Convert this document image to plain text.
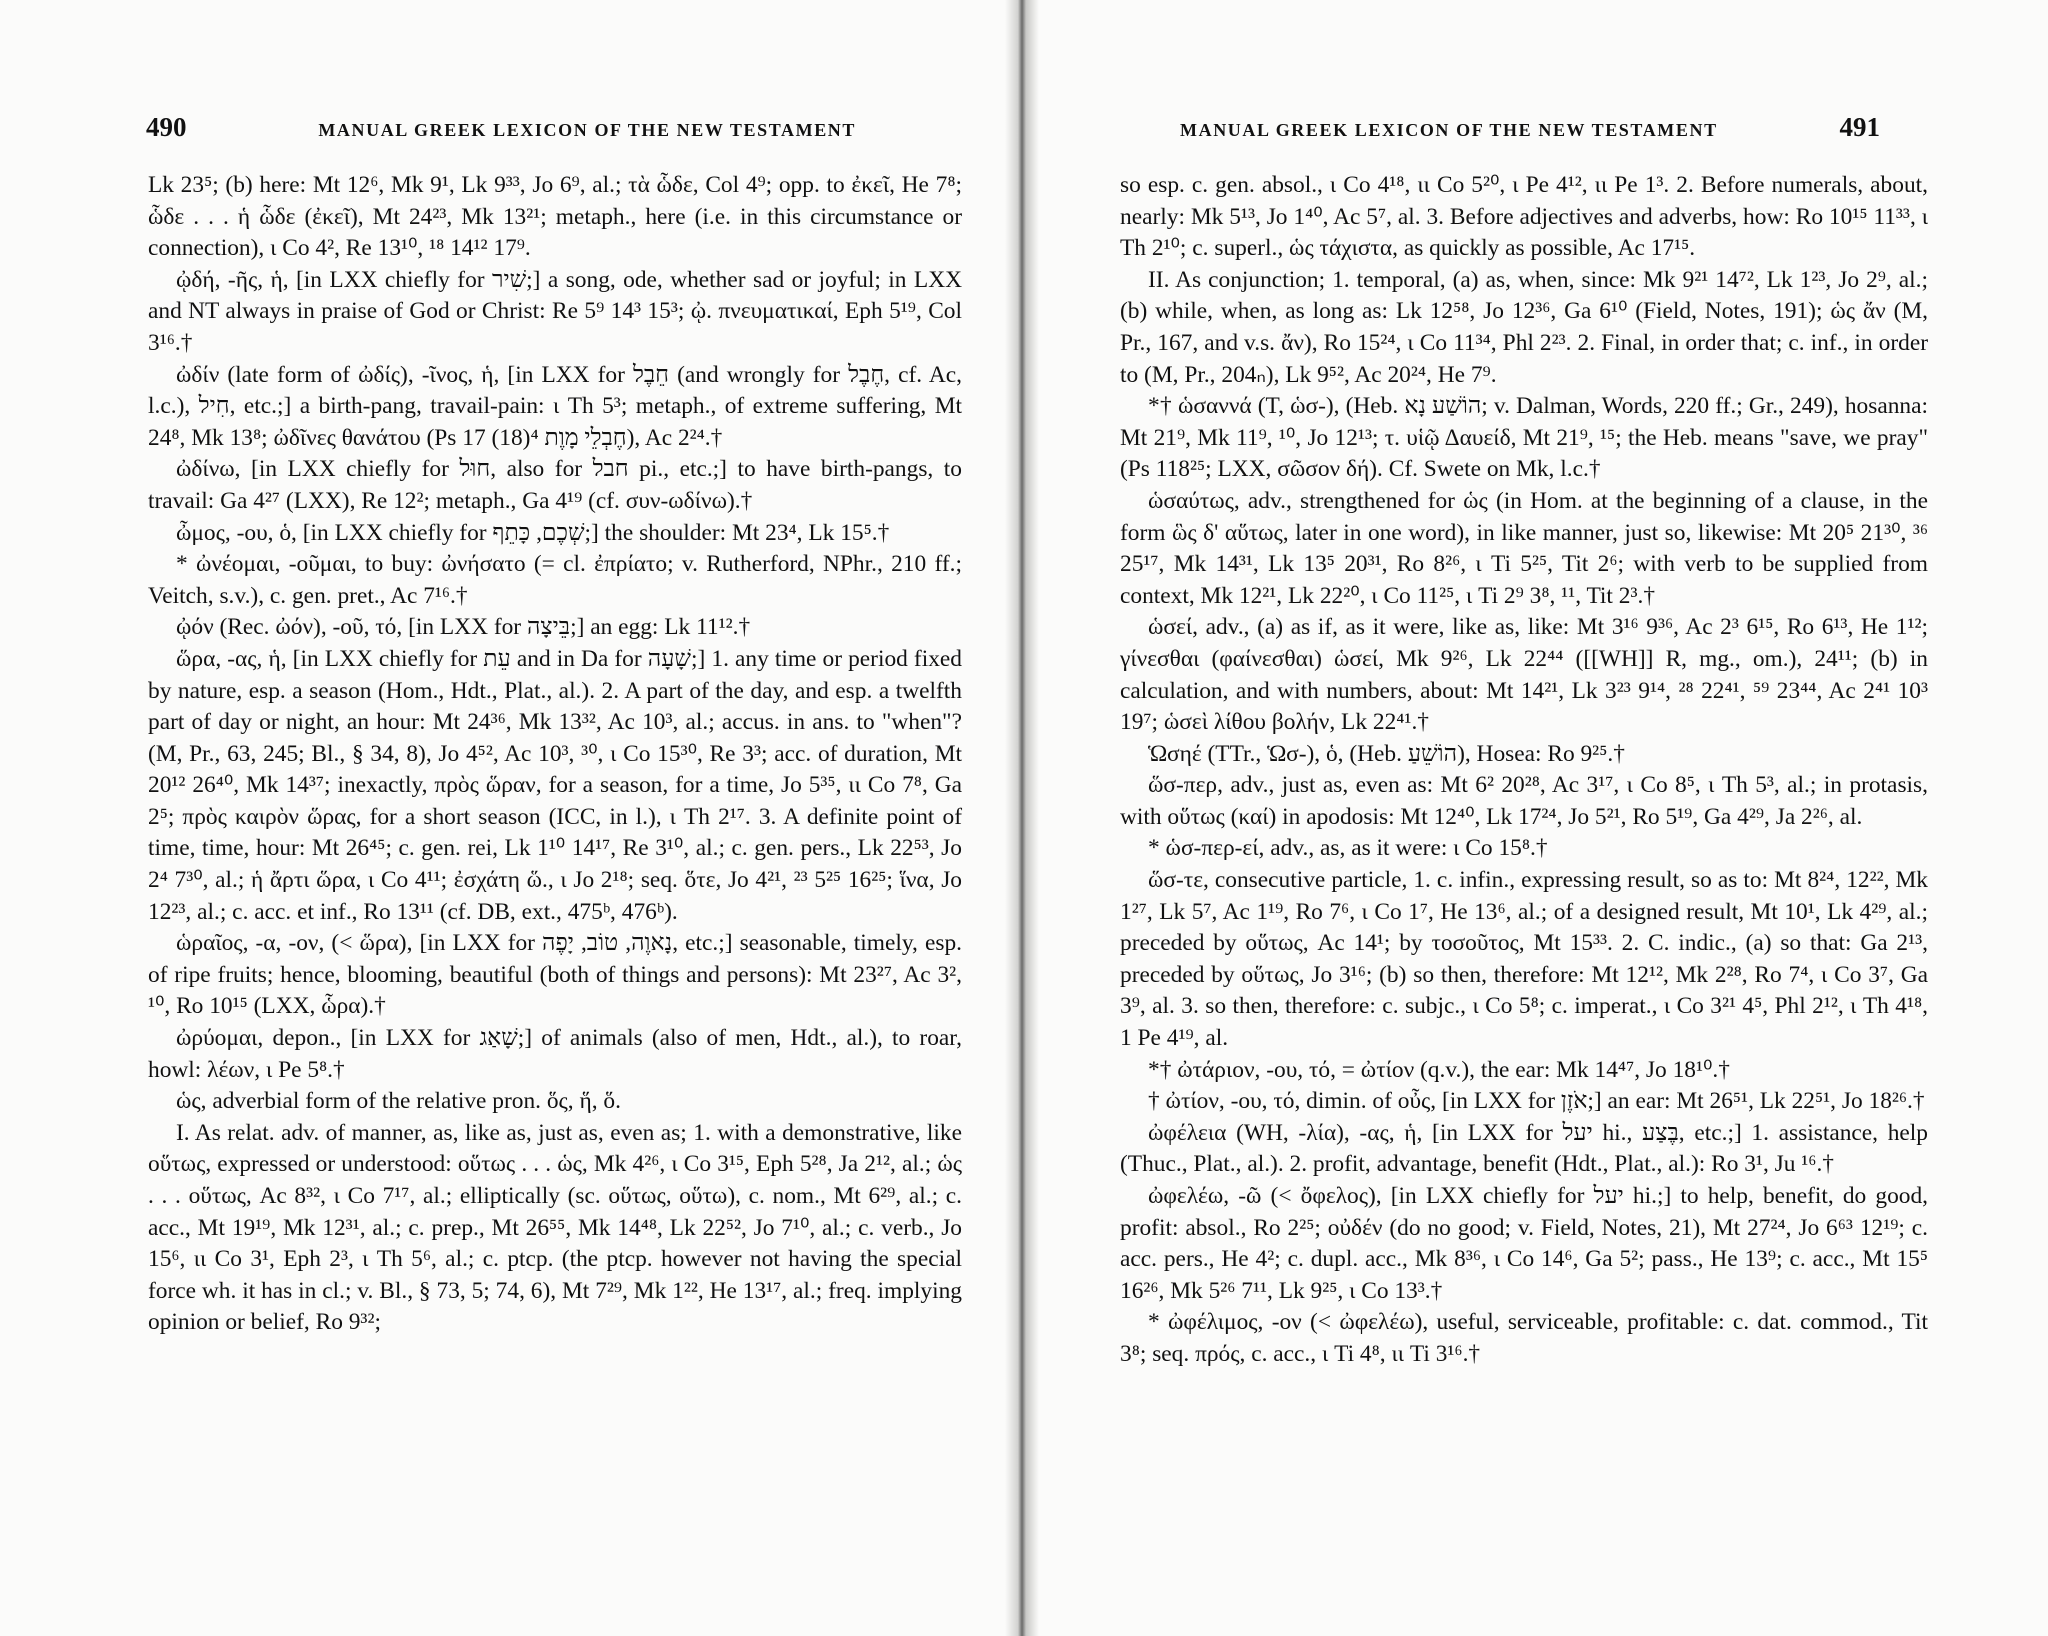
490	MANUAL GREEK LEXICON OF THE NEW TESTAMENT

Lk 23⁵; (b) here: Mt 12⁶, Mk 9¹, Lk 9³³, Jo 6⁹, al.; τὰ ὧδε, Col 4⁹; opp. to ἐκεῖ, He 7⁸; ὧδε . . . ἡ ὧδε (ἐκεῖ), Mt 24²³, Mk 13²¹; metaph., here (i.e. in this circumstance or connection), ι Co 4², Re 13¹⁰, ¹⁸ 14¹² 17⁹.

ᾠδή, -ῆς, ἡ, [in LXX chiefly for שִׁיר;] a song, ode, whether sad or joyful; in LXX and NT always in praise of God or Christ: Re 5⁹ 14³ 15³; ᾠ. πνευματικαί, Eph 5¹⁹, Col 3¹⁶.†

ὠδίν (late form of ὠδίς), -ῖνος, ἡ, [in LXX for חֵבֶל (and wrongly for חֶבֶל, cf. Ac, l.c.), חִיל, etc.;] a birth-pang, travail-pain: ι Th 5³; metaph., of extreme suffering, Mt 24⁸, Mk 13⁸; ὠδῖνες θανάτου (Ps 17 (18)⁴ חֶבְלֵי מָוֶת), Ac 2²⁴.†

ὠδίνω, [in LXX chiefly for חוּל, also for חבל pi., etc.;] to have birth-pangs, to travail: Ga 4²⁷ (LXX), Re 12²; metaph., Ga 4¹⁹ (cf. συν-ωδίνω).†

ὦμος, -ου, ὁ, [in LXX chiefly for שְׁכֶם, כָּתֵף;] the shoulder: Mt 23⁴, Lk 15⁵.†

* ὠνέομαι, -οῦμαι, to buy: ὠνήσατο (= cl. ἐπρίατο; v. Rutherford, NPhr., 210 ff.; Veitch, s.v.), c. gen. pret., Ac 7¹⁶.†

ᾠόν (Rec. ὠόν), -οῦ, τό, [in LXX for בֵּיצָה;] an egg: Lk 11¹².†

ὥρα, -ας, ἡ, [in LXX chiefly for עֵת and in Da for שָׁעָה;] 1. any time or period fixed by nature, esp. a season (Hom., Hdt., Plat., al.). 2. A part of the day, and esp. a twelfth part of day or night, an hour: Mt 24³⁶, Mk 13³², Ac 10³, al.; accus. in ans. to "when"? (M, Pr., 63, 245; Bl., § 34, 8), Jo 4⁵², Ac 10³, ³⁰, ι Co 15³⁰, Re 3³; acc. of duration, Mt 20¹² 26⁴⁰, Mk 14³⁷; inexactly, πρὸς ὥραν, for a season, for a time, Jo 5³⁵, ιι Co 7⁸, Ga 2⁵; πρὸς καιρὸν ὥρας, for a short season (ICC, in l.), ι Th 2¹⁷. 3. A definite point of time, time, hour: Mt 26⁴⁵; c. gen. rei, Lk 1¹⁰ 14¹⁷, Re 3¹⁰, al.; c. gen. pers., Lk 22⁵³, Jo 2⁴ 7³⁰, al.; ἡ ἄρτι ὥρα, ι Co 4¹¹; ἐσχάτη ὥ., ι Jo 2¹⁸; seq. ὅτε, Jo 4²¹, ²³ 5²⁵ 16²⁵; ἵνα, Jo 12²³, al.; c. acc. et inf., Ro 13¹¹ (cf. DB, ext., 475ᵇ, 476ᵇ).

ὡραῖος, -α, -ον, (< ὥρα), [in LXX for נָאוֶה, טוֹב, יָפֶה, etc.;] seasonable, timely, esp. of ripe fruits; hence, blooming, beautiful (both of things and persons): Mt 23²⁷, Ac 3², ¹⁰, Ro 10¹⁵ (LXX, ὧρα).†

ὠρύομαι, depon., [in LXX for שָׁאַג;] of animals (also of men, Hdt., al.), to roar, howl: λέων, ι Pe 5⁸.†

ὡς, adverbial form of the relative pron. ὅς, ἥ, ὅ.

I. As relat. adv. of manner, as, like as, just as, even as; 1. with a demonstrative, like οὕτως, expressed or understood: οὕτως . . . ὡς, Mk 4²⁶, ι Co 3¹⁵, Eph 5²⁸, Ja 2¹², al.; ὡς . . . οὕτως, Ac 8³², ι Co 7¹⁷, al.; elliptically (sc. οὕτως, οὕτω), c. nom., Mt 6²⁹, al.; c. acc., Mt 19¹⁹, Mk 12³¹, al.; c. prep., Mt 26⁵⁵, Mk 14⁴⁸, Lk 22⁵², Jo 7¹⁰, al.; c. verb., Jo 15⁶, ιι Co 3¹, Eph 2³, ι Th 5⁶, al.; c. ptcp. (the ptcp. however not having the special force wh. it has in cl.; v. Bl., § 73, 5; 74, 6), Mt 7²⁹, Mk 1²², He 13¹⁷, al.; freq. implying opinion or belief, Ro 9³²;

MANUAL GREEK LEXICON OF THE NEW TESTAMENT	491

so esp. c. gen. absol., ι Co 4¹⁸, ιι Co 5²⁰, ι Pe 4¹², ιι Pe 1³. 2. Before numerals, about, nearly: Mk 5¹³, Jo 1⁴⁰, Ac 5⁷, al. 3. Before adjectives and adverbs, how: Ro 10¹⁵ 11³³, ι Th 2¹⁰; c. superl., ὡς τάχιστα, as quickly as possible, Ac 17¹⁵.

II. As conjunction; 1. temporal, (a) as, when, since: Mk 9²¹ 14⁷², Lk 1²³, Jo 2⁹, al.; (b) while, when, as long as: Lk 12⁵⁸, Jo 12³⁶, Ga 6¹⁰ (Field, Notes, 191); ὡς ἄν (M, Pr., 167, and v.s. ἄν), Ro 15²⁴, ι Co 11³⁴, Phl 2²³. 2. Final, in order that; c. inf., in order to (M, Pr., 204ₙ), Lk 9⁵², Ac 20²⁴, He 7⁹.

*† ὡσαννά (T, ὡσ-), (Heb. הוֹשַׁע נָא; v. Dalman, Words, 220 ff.; Gr., 249), hosanna: Mt 21⁹, Mk 11⁹, ¹⁰, Jo 12¹³; τ. υἱῷ Δαυείδ, Mt 21⁹, ¹⁵; the Heb. means "save, we pray" (Ps 118²⁵; LXX, σῶσον δή). Cf. Swete on Mk, l.c.†

ὡσαύτως, adv., strengthened for ὡς (in Hom. at the beginning of a clause, in the form ὣς δ' αὕτως, later in one word), in like manner, just so, likewise: Mt 20⁵ 21³⁰, ³⁶ 25¹⁷, Mk 14³¹, Lk 13⁵ 20³¹, Ro 8²⁶, ι Ti 5²⁵, Tit 2⁶; with verb to be supplied from context, Mk 12²¹, Lk 22²⁰, ι Co 11²⁵, ι Ti 2⁹ 3⁸, ¹¹, Tit 2³.†

ὡσεί, adv., (a) as if, as it were, like as, like: Mt 3¹⁶ 9³⁶, Ac 2³ 6¹⁵, Ro 6¹³, He 1¹²; γίνεσθαι (φαίνεσθαι) ὡσεί, Mk 9²⁶, Lk 22⁴⁴ ([[WH]] R, mg., om.), 24¹¹; (b) in calculation, and with numbers, about: Mt 14²¹, Lk 3²³ 9¹⁴, ²⁸ 22⁴¹, ⁵⁹ 23⁴⁴, Ac 2⁴¹ 10³ 19⁷; ὡσεὶ λίθου βολήν, Lk 22⁴¹.†

Ὡσηέ (TTr., Ὡσ-), ὁ, (Heb. הוֹשֵׁעַ), Hosea: Ro 9²⁵.†

ὥσ-περ, adv., just as, even as: Mt 6² 20²⁸, Ac 3¹⁷, ι Co 8⁵, ι Th 5³, al.; in protasis, with οὕτως (καί) in apodosis: Mt 12⁴⁰, Lk 17²⁴, Jo 5²¹, Ro 5¹⁹, Ga 4²⁹, Ja 2²⁶, al.

* ὡσ-περ-εί, adv., as, as it were: ι Co 15⁸.†

ὥσ-τε, consecutive particle, 1. c. infin., expressing result, so as to: Mt 8²⁴, 12²², Mk 1²⁷, Lk 5⁷, Ac 1¹⁹, Ro 7⁶, ι Co 1⁷, He 13⁶, al.; of a designed result, Mt 10¹, Lk 4²⁹, al.; preceded by οὕτως, Ac 14¹; by τοσοῦτος, Mt 15³³. 2. C. indic., (a) so that: Ga 2¹³, preceded by οὕτως, Jo 3¹⁶; (b) so then, therefore: Mt 12¹², Mk 2²⁸, Ro 7⁴, ι Co 3⁷, Ga 3⁹, al. 3. so then, therefore: c. subjc., ι Co 5⁸; c. imperat., ι Co 3²¹ 4⁵, Phl 2¹², ι Th 4¹⁸, 1 Pe 4¹⁹, al.

*† ὠτάριον, -ου, τό, = ὠτίον (q.v.), the ear: Mk 14⁴⁷, Jo 18¹⁰.†

† ὠτίον, -ου, τό, dimin. of οὖς, [in LXX for אֹזֶן;] an ear: Mt 26⁵¹, Lk 22⁵¹, Jo 18²⁶.†

ὠφέλεια (WH, -λία), -ας, ἡ, [in LXX for יעל hi., בֶּצַע, etc.;] 1. assistance, help (Thuc., Plat., al.). 2. profit, advantage, benefit (Hdt., Plat., al.): Ro 3¹, Ju ¹⁶.†

ὠφελέω, -ῶ (< ὄφελος), [in LXX chiefly for יעל hi.;] to help, benefit, do good, profit: absol., Ro 2²⁵; οὐδέν (do no good; v. Field, Notes, 21), Mt 27²⁴, Jo 6⁶³ 12¹⁹; c. acc. pers., He 4²; c. dupl. acc., Mk 8³⁶, ι Co 14⁶, Ga 5²; pass., He 13⁹; c. acc., Mt 15⁵ 16²⁶, Mk 5²⁶ 7¹¹, Lk 9²⁵, ι Co 13³.†

* ὠφέλιμος, -ον (< ὠφελέω), useful, serviceable, profitable: c. dat. commod., Tit 3⁸; seq. πρός, c. acc., ι Ti 4⁸, ιι Ti 3¹⁶.†
